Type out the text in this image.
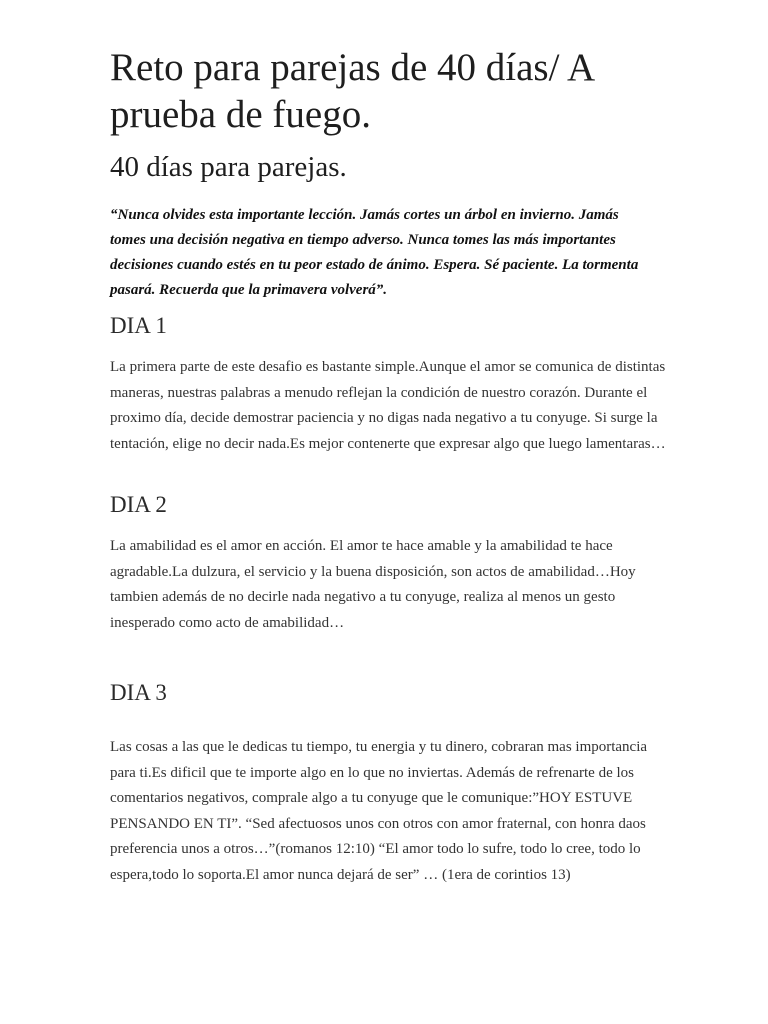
Reto para parejas de 40 días/ A prueba de fuego.
40 días para parejas.

“Nunca olvides esta importante lección. Jamás cortes un árbol en invierno. Jamás tomes una decisión negativa en tiempo adverso. Nunca tomes las más importantes decisiones cuando estés en tu peor estado de ánimo. Espera. Sé paciente. La tormenta pasará. Recuerda que la primavera volverá”.

DIA 1

La primera parte de este desafio es bastante simple.Aunque el amor se comunica de distintas maneras, nuestras palabras a menudo reflejan la condición de nuestro corazón. Durante el proximo día, decide demostrar paciencia y no digas nada negativo a tu conyuge. Si surge la tentación, elige no decir nada.Es mejor contenerte que expresar algo que luego lamentaras…

DIA 2

La amabilidad es el amor en acción. El amor te hace amable y la amabilidad te hace agradable.La dulzura, el servicio y la buena disposición, son actos de amabilidad…Hoy tambien además de no decirle nada negativo a tu conyuge, realiza al menos un gesto inesperado como acto de amabilidad…

DIA 3

Las cosas a las que le dedicas tu tiempo, tu energia y tu dinero, cobraran mas importancia para ti.Es dificil que te importe algo en lo que no inviertas. Además de refrenarte de los comentarios negativos, comprale algo a tu conyuge que le comunique:”HOY ESTUVE PENSANDO EN TI”. “Sed afectuosos unos con otros con amor fraternal, con honra daos preferencia unos a otros…”(romanos 12:10) “El amor todo lo sufre, todo lo cree, todo lo espera,todo lo soporta.El amor nunca dejará de ser” … (1era de corintios 13)
